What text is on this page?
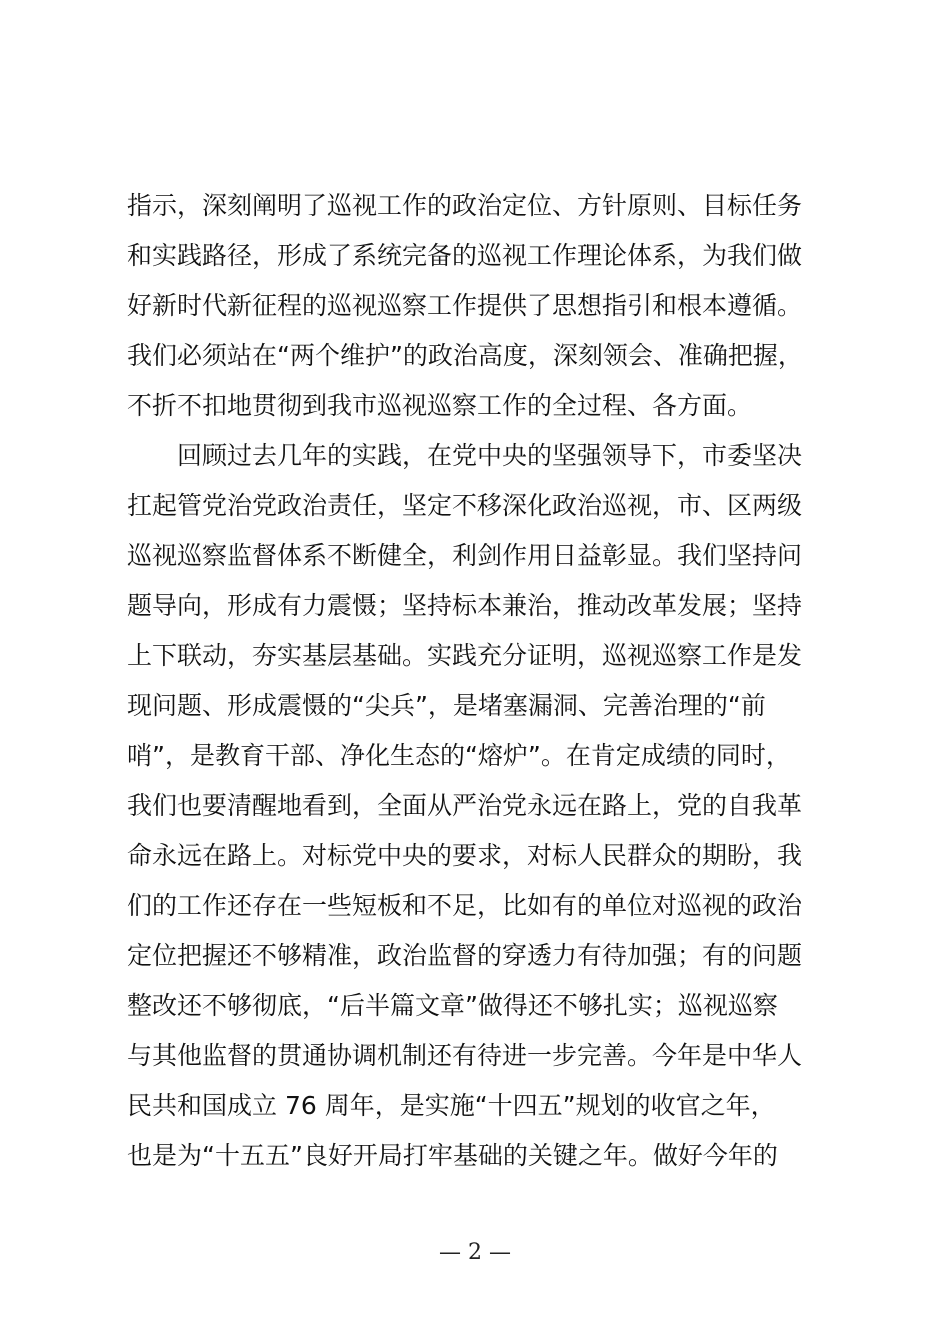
指示，深刻阐明了巡视工作的政治定位、方针原则、目标任务
和实践路径，形成了系统完备的巡视工作理论体系，为我们做
好新时代新征程的巡视巡察工作提供了思想指引和根本遵循。
我们必须站在“两个维护”的政治高度，深刻领会、准确把握，
不折不扣地贯彻到我市巡视巡察工作的全过程、各方面。
回顾过去几年的实践，在党中央的坚强领导下，市委坚决
扛起管党治党政治责任，坚定不移深化政治巡视，市、区两级
巡视巡察监督体系不断健全，利剑作用日益彰显。我们坚持问
题导向，形成有力震慑；坚持标本兼治，推动改革发展；坚持
上下联动，夯实基层基础。实践充分证明，巡视巡察工作是发
现问题、形成震慑的“尖兵”，是堵塞漏洞、完善治理的“前
哨”，是教育干部、净化生态的“熔炉”。在肯定成绩的同时，
我们也要清醒地看到，全面从严治党永远在路上，党的自我革
命永远在路上。对标党中央的要求，对标人民群众的期盼，我
们的工作还存在一些短板和不足，比如有的单位对巡视的政治
定位把握还不够精准，政治监督的穿透力有待加强；有的问题
整改还不够彻底，“后半篇文章”做得还不够扎实；巡视巡察
与其他监督的贯通协调机制还有待进一步完善。今年是中华人
民共和国成立 76 周年，是实施“十四五”规划的收官之年，
也是为“十五五”良好开局打牢基础的关键之年。做好今年的
— 2 —
